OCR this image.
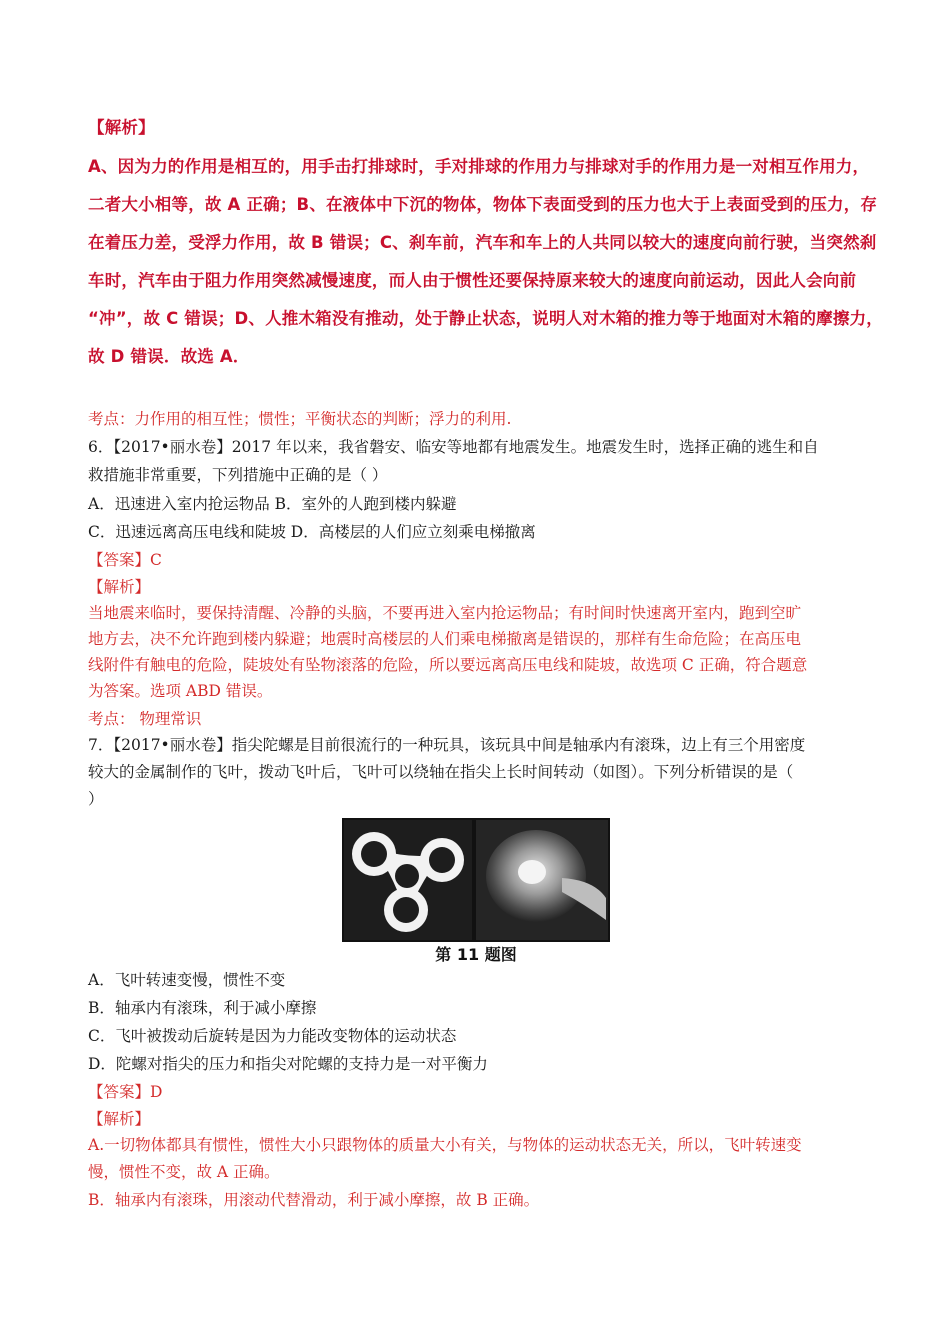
【解析】
A、因为力的作用是相互的，用手击打排球时，手对排球的作用力与排球对手的作用力是一对相互作用力，
二者大小相等，故 A 正确；B、在液体中下沉的物体，物体下表面受到的压力也大于上表面受到的压力，存
在着压力差，受浮力作用，故 B 错误；C、刹车前，汽车和车上的人共同以较大的速度向前行驶，当突然刹
车时，汽车由于阻力作用突然减慢速度，而人由于惯性还要保持原来较大的速度向前运动，因此人会向前
“冲”，故 C 错误；D、人推木箱没有推动，处于静止状态，说明人对木箱的推力等于地面对木箱的摩擦力，
故 D 错误．故选 A．
考点：力作用的相互性；惯性；平衡状态的判断；浮力的利用.
6．【2017•丽水卷】2017 年以来，我省磐安、临安等地都有地震发生。地震发生时，选择正确的逃生和自
救措施非常重要，下列措施中正确的是（ ）
A．迅速进入室内抢运物品 B．室外的人跑到楼内躲避
C．迅速远离高压电线和陡坡 D．高楼层的人们应立刻乘电梯撤离
【答案】C
【解析】
当地震来临时，要保持清醒、冷静的头脑，不要再进入室内抢运物品；有时间时快速离开室内，跑到空旷
地方去，决不允许跑到楼内躲避；地震时高楼层的人们乘电梯撤离是错误的，那样有生命危险；在高压电
线附件有触电的危险，陡坡处有坠物滚落的危险，所以要远离高压电线和陡坡，故选项 C 正确，符合题意
为答案。选项 ABD 错误。
考点： 物理常识
7．【2017•丽水卷】指尖陀螺是目前很流行的一种玩具，该玩具中间是轴承内有滚珠，边上有三个用密度
较大的金属制作的飞叶，拨动飞叶后，飞叶可以绕轴在指尖上长时间转动（如图）。下列分析错误的是（
）
第 11 题图
A．飞叶转速变慢，惯性不变
B．轴承内有滚珠，利于减小摩擦
C．飞叶被拨动后旋转是因为力能改变物体的运动状态
D．陀螺对指尖的压力和指尖对陀螺的支持力是一对平衡力
【答案】D
【解析】
A.一切物体都具有惯性，惯性大小只跟物体的质量大小有关，与物体的运动状态无关，所以，飞叶转速变
慢，惯性不变，故 A 正确。
B．轴承内有滚珠，用滚动代替滑动，利于减小摩擦，故 B 正确。
